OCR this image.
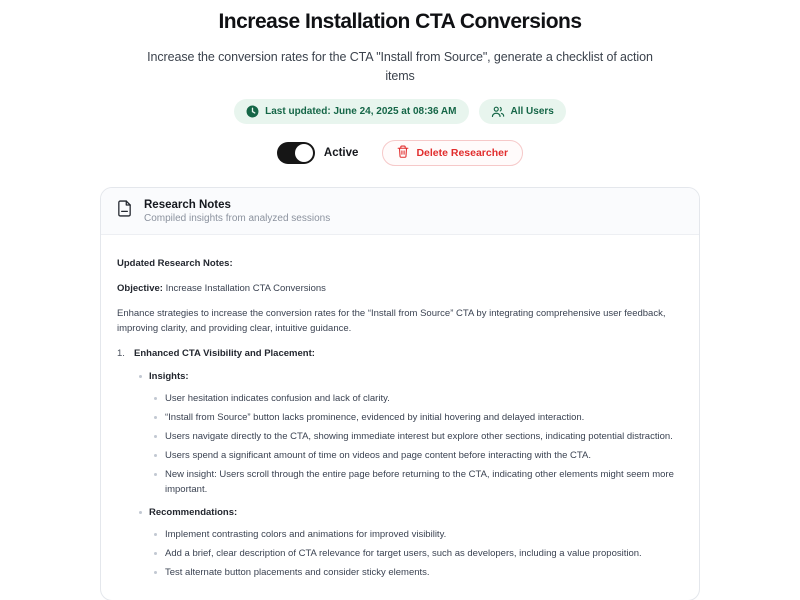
Increase Installation CTA Conversions

Increase the conversion rates for the CTA "Install from Source", generate a checklist of action items

Last updated: June 24, 2025 at 08:36 AM	All Users
Active	Delete Researcher
Research Notes
Compiled insights from analyzed sessions

Updated Research Notes:

Objective: Increase Installation CTA Conversions

Enhance strategies to increase the conversion rates for the “Install from Source” CTA by integrating comprehensive user feedback, improving clarity, and providing clear, intuitive guidance.

1. Enhanced CTA Visibility and Placement:
Insights:
User hesitation indicates confusion and lack of clarity.
“Install from Source” button lacks prominence, evidenced by initial hovering and delayed interaction.
Users navigate directly to the CTA, showing immediate interest but explore other sections, indicating potential distraction.
Users spend a significant amount of time on videos and page content before interacting with the CTA.
New insight: Users scroll through the entire page before returning to the CTA, indicating other elements might seem more important.
Recommendations:
Implement contrasting colors and animations for improved visibility.
Add a brief, clear description of CTA relevance for target users, such as developers, including a value proposition.
Test alternate button placements and consider sticky elements.
